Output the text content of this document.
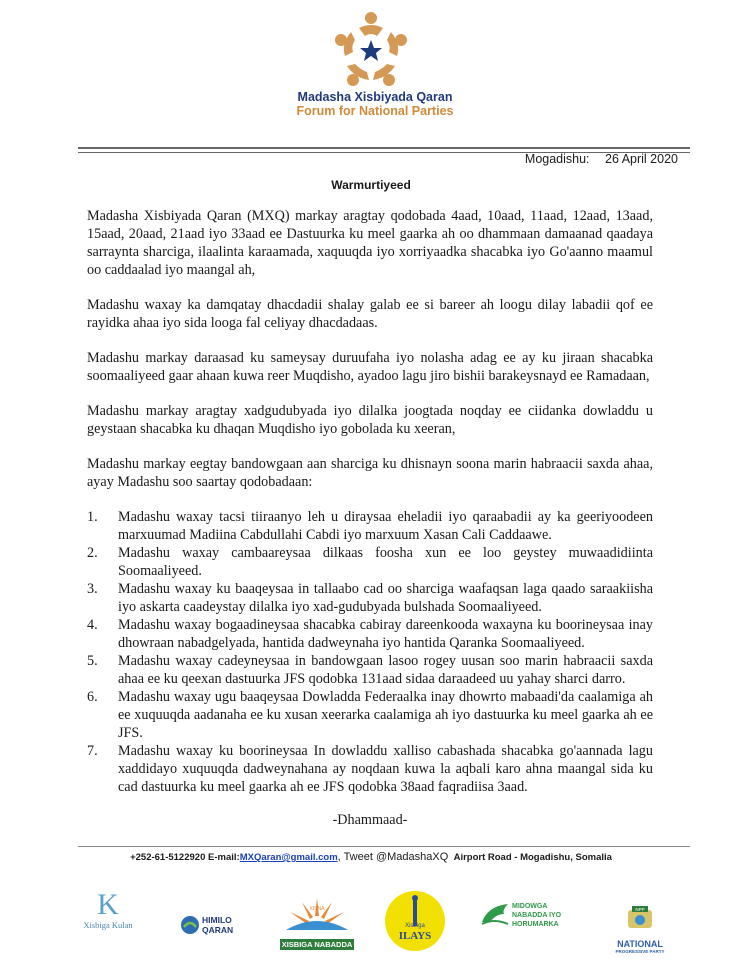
Madasha Xisbiyada Qaran
Forum for National Parties
Mogadishu: 26 April 2020
Warmurtiyeed

Madasha Xisbiyada Qaran (MXQ) markay aragtay qodobada 4aad, 10aad, 11aad, 12aad, 13aad, 15aad, 20aad, 21aad iyo 33aad ee Dastuurka ku meel gaarka ah oo dhammaan damaanad qaadaya sarraynta sharciga, ilaalinta karaamada, xaquuqda iyo xorriyaadka shacabka iyo Go'aanno maamul oo caddaalad iyo maangal ah,

Madashu waxay ka damqatay dhacdadii shalay galab ee si bareer ah loogu dilay labadii qof ee rayidka ahaa iyo sida looga fal celiyay dhacdadaas.

Madashu markay daraasad ku sameysay duruufaha iyo nolasha adag ee ay ku jiraan shacabka soomaaliyeed gaar ahaan kuwa reer Muqdisho, ayadoo lagu jiro bishii barakeysnayd ee Ramadaan,

Madashu markay aragtay xadgudubyada iyo dilalka joogtada noqday ee ciidanka dowladdu u geystaan shacabka ku dhaqan Muqdisho iyo gobolada ku xeeran,

Madashu markay eegtay bandowgaan aan sharciga ku dhisnayn soona marin habraacii saxda ahaa, ayay Madashu soo saartay qodobadaan:

1. Madashu waxay tacsi tiiraanyo leh u diraysaa eheladii iyo qaraabadii ay ka geeriyoodeen marxuumad Madiina Cabdullahi Cabdi iyo marxuum Xasan Cali Caddaawe.
2. Madashu waxay cambaareysaa dilkaas foosha xun ee loo geystey muwaadidiinta Soomaaliyeed.
3. Madashu waxay ku baaqeysaa in tallaabo cad oo sharciga waafaqsan laga qaado saraakiisha iyo askarta caadeystay dilalka iyo xad-gudubyada bulshada Soomaaliyeed.
4. Madashu waxay bogaadineysaa shacabka cabiray dareenkooda waxayna ku boorineysaa inay dhowraan nabadgelyada, hantida dadweynaha iyo hantida Qaranka Soomaaliyeed.
5. Madashu waxay cadeyneysaa in bandowgaan lasoo rogey uusan soo marin habraacii saxda ahaa ee ku qeexan dastuurka JFS qodobka 131aad sidaa daraadeed uu yahay sharci darro.
6. Madashu waxay ugu baaqeysaa Dowladda Federaalka inay dhowrto mabaadi'da caalamiga ah ee xuquuqda aadanaha ee ku xusan xeerarka caalamiga ah iyo dastuurka ku meel gaarka ah ee JFS.
7. Madashu waxay ku boorineysaa In dowladdu xalliso cabashada shacabka go'aannada lagu xaddidayo xuquuqda dadweynahana ay noqdaan kuwa la aqbali karo ahna maangal sida ku cad dastuurka ku meel gaarka ah ee JFS qodobka 38aad faqradiisa 3aad.
-Dhammaad-
+252-61-5122920 E-mail:MXQaran@gmail.com, Tweet @MadashaXQ Airport Road - Mogadishu, Somalia
K
Xisbiga Kulan	HIMILO
QARAN
XISNA
XISBIGA NABADDA
Xisbiga
ILAYS
MIDOWGA
NABADDA IYO
HORUMARKA
NPP
NATIONAL
PROGRESSIVE PARTY
